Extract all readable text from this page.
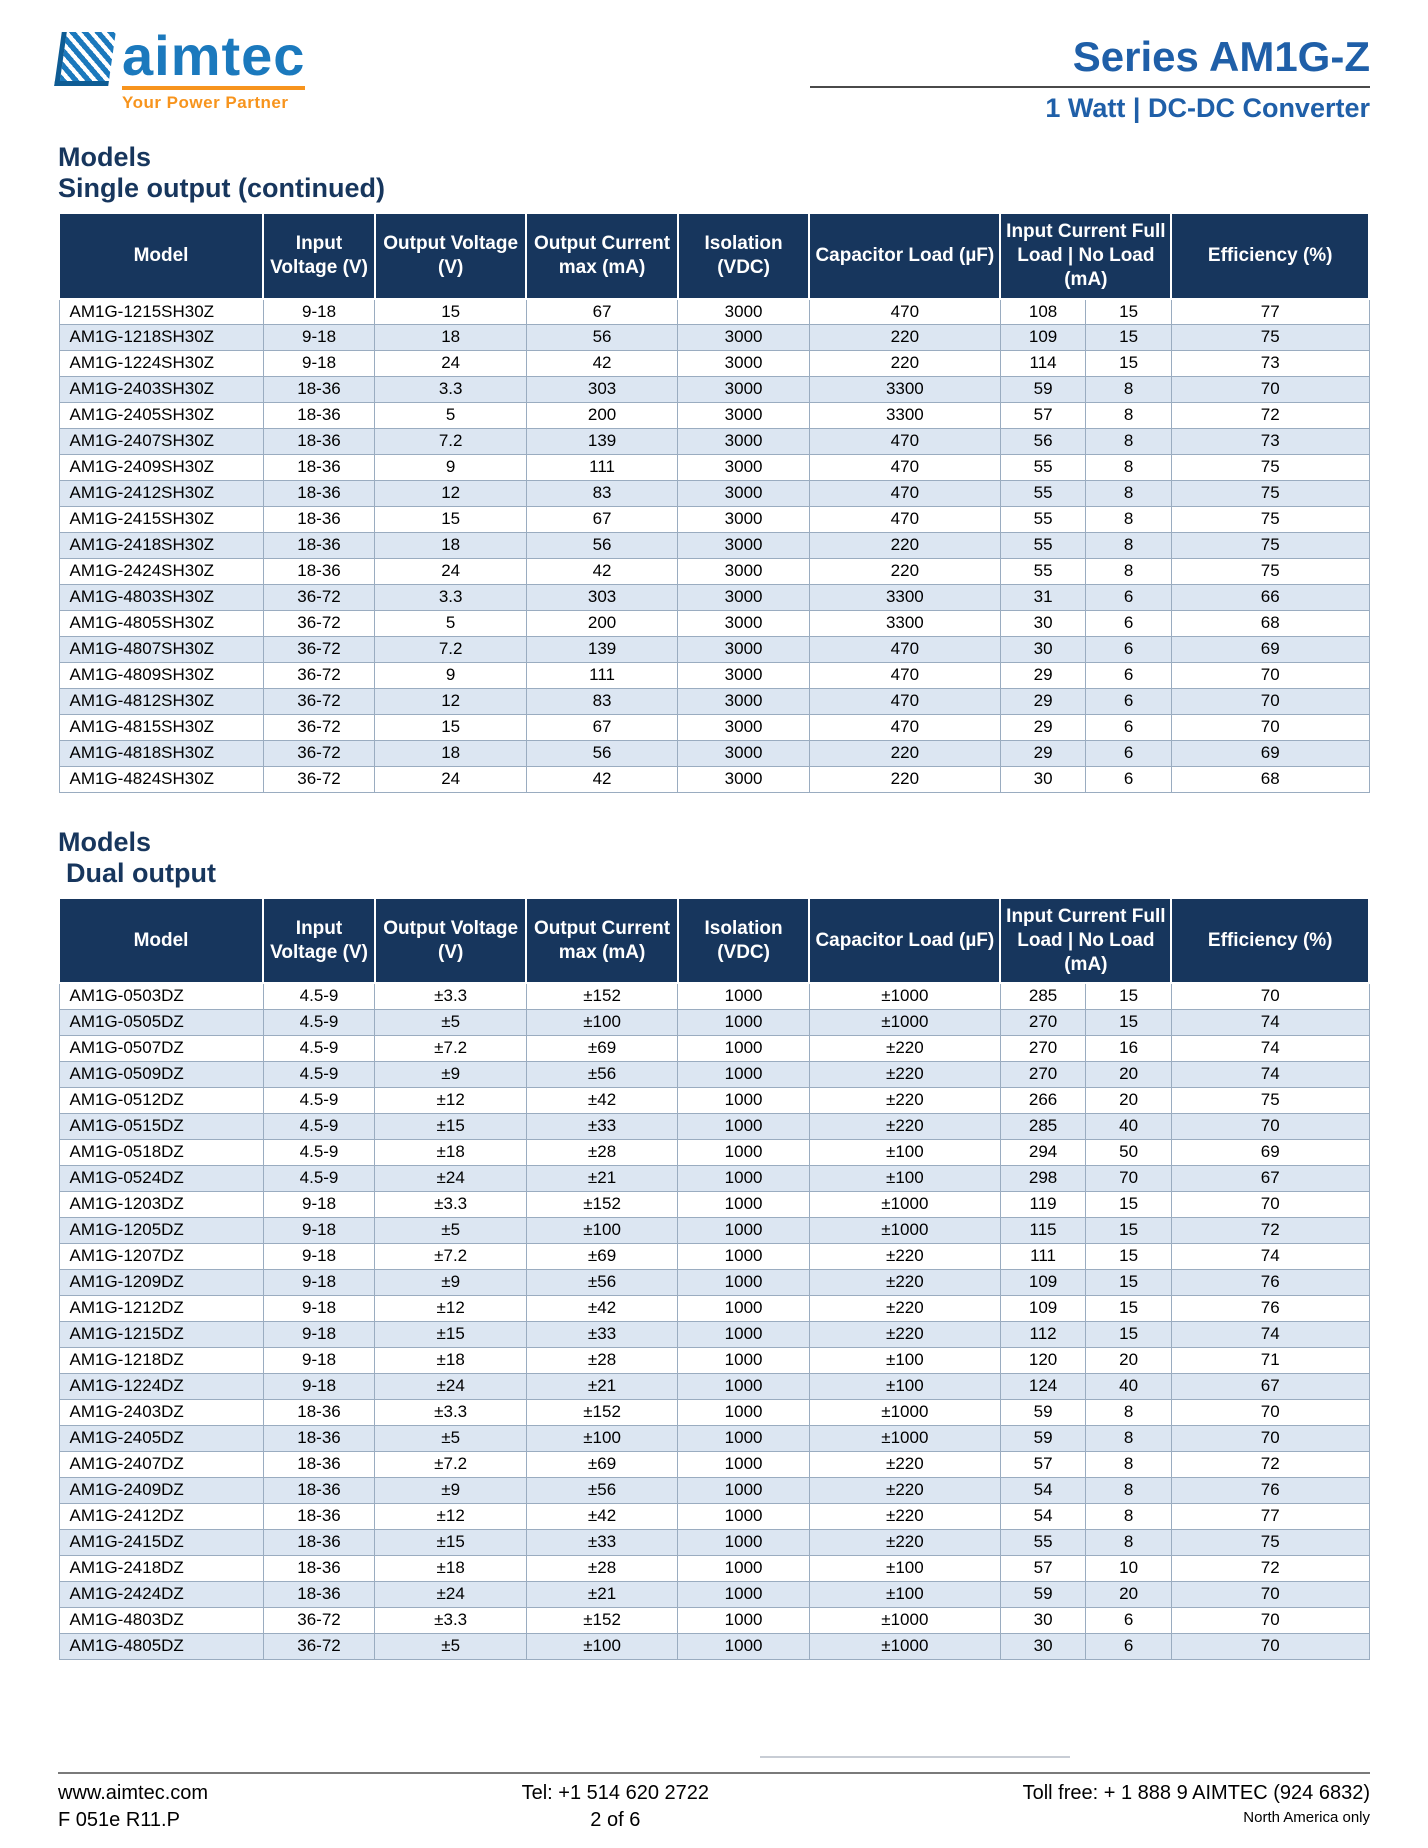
aimtec
Your Power Partner
Series AM1G-Z
1 Watt | DC-DC Converter
Models
Single output (continued)
Model	Input Voltage (V)	Output Voltage (V)	Output Current max (mA)	Isolation (VDC)	Capacitor Load (µF)	Input Current Full Load | No Load (mA)		Efficiency (%)
AM1G-1215SH30Z	9-18	15	67	3000	470	108	15	77
AM1G-1218SH30Z	9-18	18	56	3000	220	109	15	75
AM1G-1224SH30Z	9-18	24	42	3000	220	114	15	73
AM1G-2403SH30Z	18-36	3.3	303	3000	3300	59	8	70
AM1G-2405SH30Z	18-36	5	200	3000	3300	57	8	72
AM1G-2407SH30Z	18-36	7.2	139	3000	470	56	8	73
AM1G-2409SH30Z	18-36	9	111	3000	470	55	8	75
AM1G-2412SH30Z	18-36	12	83	3000	470	55	8	75
AM1G-2415SH30Z	18-36	15	67	3000	470	55	8	75
AM1G-2418SH30Z	18-36	18	56	3000	220	55	8	75
AM1G-2424SH30Z	18-36	24	42	3000	220	55	8	75
AM1G-4803SH30Z	36-72	3.3	303	3000	3300	31	6	66
AM1G-4805SH30Z	36-72	5	200	3000	3300	30	6	68
AM1G-4807SH30Z	36-72	7.2	139	3000	470	30	6	69
AM1G-4809SH30Z	36-72	9	111	3000	470	29	6	70
AM1G-4812SH30Z	36-72	12	83	3000	470	29	6	70
AM1G-4815SH30Z	36-72	15	67	3000	470	29	6	70
AM1G-4818SH30Z	36-72	18	56	3000	220	29	6	69
AM1G-4824SH30Z	36-72	24	42	3000	220	30	6	68
Models
Dual output
Model	Input Voltage (V)	Output Voltage (V)	Output Current max (mA)	Isolation (VDC)	Capacitor Load (µF)	Input Current Full Load | No Load (mA)		Efficiency (%)
AM1G-0503DZ	4.5-9	±3.3	±152	1000	±1000	285	15	70
AM1G-0505DZ	4.5-9	±5	±100	1000	±1000	270	15	74
AM1G-0507DZ	4.5-9	±7.2	±69	1000	±220	270	16	74
AM1G-0509DZ	4.5-9	±9	±56	1000	±220	270	20	74
AM1G-0512DZ	4.5-9	±12	±42	1000	±220	266	20	75
AM1G-0515DZ	4.5-9	±15	±33	1000	±220	285	40	70
AM1G-0518DZ	4.5-9	±18	±28	1000	±100	294	50	69
AM1G-0524DZ	4.5-9	±24	±21	1000	±100	298	70	67
AM1G-1203DZ	9-18	±3.3	±152	1000	±1000	119	15	70
AM1G-1205DZ	9-18	±5	±100	1000	±1000	115	15	72
AM1G-1207DZ	9-18	±7.2	±69	1000	±220	111	15	74
AM1G-1209DZ	9-18	±9	±56	1000	±220	109	15	76
AM1G-1212DZ	9-18	±12	±42	1000	±220	109	15	76
AM1G-1215DZ	9-18	±15	±33	1000	±220	112	15	74
AM1G-1218DZ	9-18	±18	±28	1000	±100	120	20	71
AM1G-1224DZ	9-18	±24	±21	1000	±100	124	40	67
AM1G-2403DZ	18-36	±3.3	±152	1000	±1000	59	8	70
AM1G-2405DZ	18-36	±5	±100	1000	±1000	59	8	70
AM1G-2407DZ	18-36	±7.2	±69	1000	±220	57	8	72
AM1G-2409DZ	18-36	±9	±56	1000	±220	54	8	76
AM1G-2412DZ	18-36	±12	±42	1000	±220	54	8	77
AM1G-2415DZ	18-36	±15	±33	1000	±220	55	8	75
AM1G-2418DZ	18-36	±18	±28	1000	±100	57	10	72
AM1G-2424DZ	18-36	±24	±21	1000	±100	59	20	70
AM1G-4803DZ	36-72	±3.3	±152	1000	±1000	30	6	70
AM1G-4805DZ	36-72	±5	±100	1000	±1000	30	6	70
www.aimtec.com
F 051e R11.P
Tel: +1 514 620 2722
2 of 6
Toll free: + 1 888 9 AIMTEC (924 6832)
North America only
